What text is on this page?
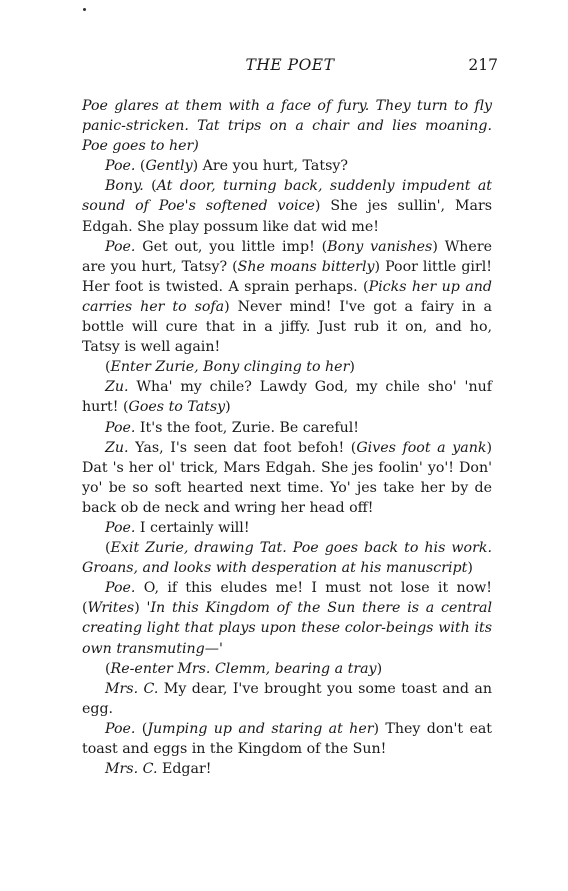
THE POET	217

Poe glares at them with a face of fury. They turn to fly panic-stricken. Tat trips on a chair and lies moaning. Poe goes to her)

Poe. (Gently) Are you hurt, Tatsy?

Bony. (At door, turning back, suddenly impudent at sound of Poe's softened voice) She jes sullin', Mars Edgah. She play possum like dat wid me!

Poe. Get out, you little imp! (Bony vanishes) Where are you hurt, Tatsy? (She moans bitterly) Poor little girl! Her foot is twisted. A sprain perhaps. (Picks her up and carries her to sofa) Never mind! I've got a fairy in a bottle will cure that in a jiffy. Just rub it on, and ho, Tatsy is well again!

(Enter Zurie, Bony clinging to her)

Zu. Wha' my chile? Lawdy God, my chile sho' 'nuf hurt! (Goes to Tatsy)

Poe. It's the foot, Zurie. Be careful!

Zu. Yas, I's seen dat foot befoh! (Gives foot a yank) Dat 's her ol' trick, Mars Edgah. She jes foolin' yo'! Don' yo' be so soft hearted next time. Yo' jes take her by de back ob de neck and wring her head off!

Poe. I certainly will!

(Exit Zurie, drawing Tat. Poe goes back to his work. Groans, and looks with desperation at his manuscript)

Poe. O, if this eludes me! I must not lose it now! (Writes) 'In this Kingdom of the Sun there is a central creating light that plays upon these color-beings with its own transmuting—'

(Re-enter Mrs. Clemm, bearing a tray)

Mrs. C. My dear, I've brought you some toast and an egg.

Poe. (Jumping up and staring at her) They don't eat toast and eggs in the Kingdom of the Sun!

Mrs. C. Edgar!
